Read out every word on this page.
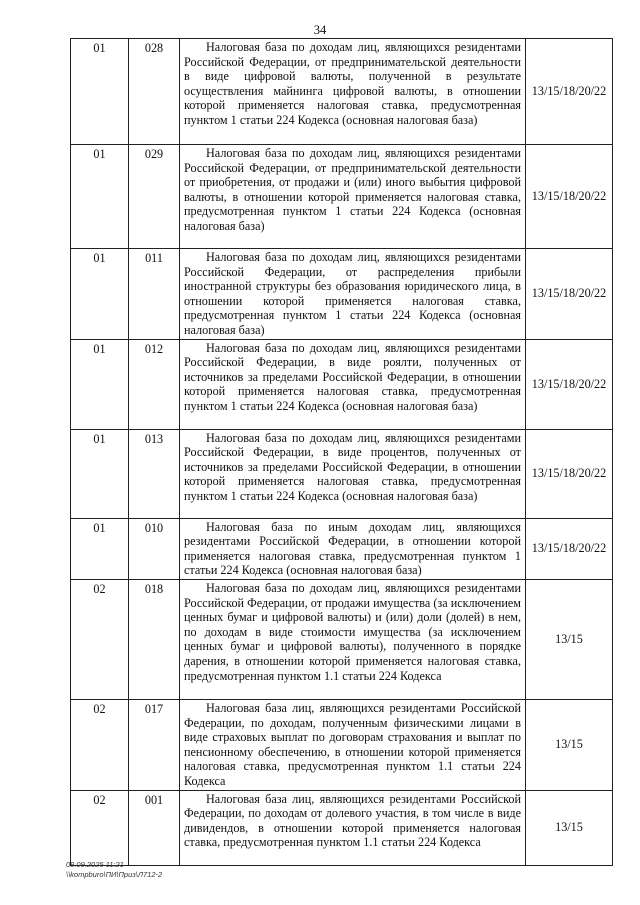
34
01	028	Налоговая база по доходам лиц, являющихся резидентами Российской Федерации, от предпринимательской деятельности в виде цифровой валюты, полученной в результате осуществления майнинга цифровой валюты, в отношении которой применяется налоговая ставка, предусмотренная пунктом 1 статьи 224 Кодекса (основная налоговая база)	13/15/18/20/22
01	029	Налоговая база по доходам лиц, являющихся резидентами Российской Федерации, от предпринимательской деятельности от приобретения, от продажи и (или) иного выбытия цифровой валюты, в отношении которой применяется налоговая ставка, предусмотренная пунктом 1 статьи 224 Кодекса (основная налоговая база)	13/15/18/20/22
01	011	Налоговая база по доходам лиц, являющихся резидентами Российской Федерации, от распределения прибыли иностранной структуры без образования юридического лица, в отношении которой применяется налоговая ставка, предусмотренная пунктом 1 статьи 224 Кодекса (основная налоговая база)	13/15/18/20/22
01	012	Налоговая база по доходам лиц, являющихся резидентами Российской Федерации, в виде роялти, полученных от источников за пределами Российской Федерации, в отношении которой применяется налоговая ставка, предусмотренная пунктом 1 статьи 224 Кодекса (основная налоговая база)	13/15/18/20/22
01	013	Налоговая база по доходам лиц, являющихся резидентами Российской Федерации, в виде процентов, полученных от источников за пределами Российской Федерации, в отношении которой применяется налоговая ставка, предусмотренная пунктом 1 статьи 224 Кодекса (основная налоговая база)	13/15/18/20/22
01	010	Налоговая база по иным доходам лиц, являющихся резидентами Российской Федерации, в отношении которой применяется налоговая ставка, предусмотренная пунктом 1 статьи 224 Кодекса (основная налоговая база)	13/15/18/20/22
02	018	Налоговая база по доходам лиц, являющихся резидентами Российской Федерации, от продажи имущества (за исключением ценных бумаг и цифровой валюты) и (или) доли (долей) в нем, по доходам в виде стоимости имущества (за исключением ценных бумаг и цифровой валюты), полученного в порядке дарения, в отношении которой применяется налоговая ставка, предусмотренная пунктом 1.1 статьи 224 Кодекса	13/15
02	017	Налоговая база лиц, являющихся резидентами Российской Федерации, по доходам, полученным физическими лицами в виде страховых выплат по договорам страхования и выплат по пенсионному обеспечению, в отношении которой применяется налоговая ставка, предусмотренная пунктом 1.1 статьи 224 Кодекса	13/15
02	001	Налоговая база лиц, являющихся резидентами Российской Федерации, по доходам от долевого участия, в том числе в виде дивидендов, в отношении которой применяется налоговая ставка, предусмотренная пунктом 1.1 статьи 224 Кодекса	13/15
09.09.2025 11:21
\\kompburo\ПИ\Приз\Л712-2
